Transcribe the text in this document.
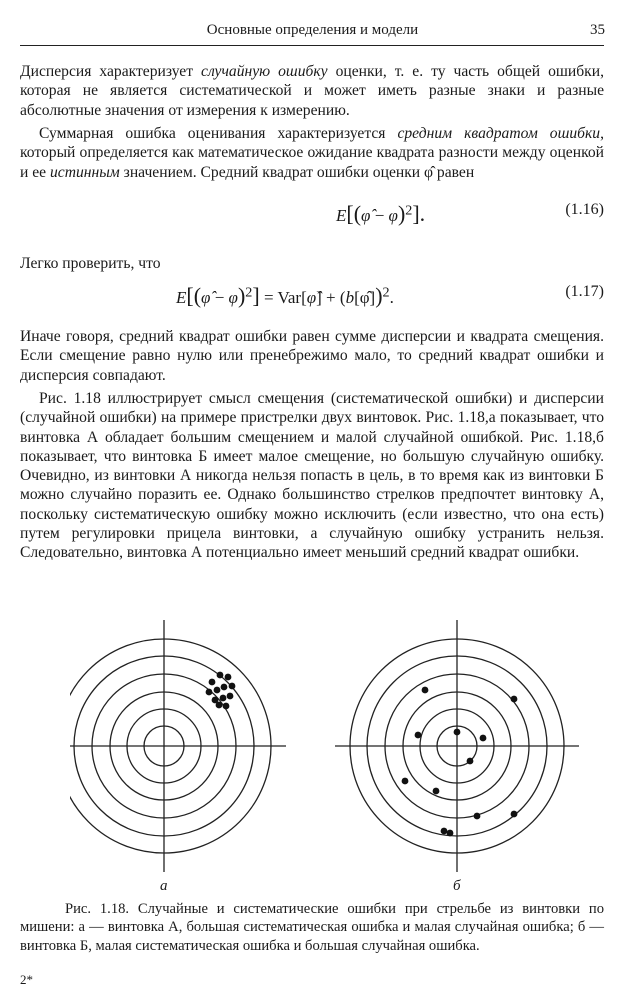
Основные определения и модели	35

Дисперсия характеризует случайную ошибку оценки, т. е. ту часть общей ошибки, которая не является систематической и может иметь разные знаки и разные абсолютные значения от измерения к измерению.

Суммарная ошибка оценивания характеризуется средним квадратом ошибки, который определяется как математическое ожидание квадрата разности между оценкой и ее истинным значением. Средний квадрат ошибки оценки φ̂ равен

E[(φ̂ − φ)$^2$].	(1.16)

Легко проверить, что

E[(φ̂ − φ)$^2$] = Var[φ̂] + (b[φ̂])$^2$.	(1.17)

Иначе говоря, средний квадрат ошибки равен сумме дисперсии и квадрата смещения. Если смещение равно нулю или пренебрежимо мало, то средний квадрат ошибки и дисперсия совпадают.

Рис. 1.18 иллюстрирует смысл смещения (систематической ошибки) и дисперсии (случайной ошибки) на примере пристрелки двух винтовок. Рис. 1.18,а показывает, что винтовка А обладает большим смещением и малой случайной ошибкой. Рис. 1.18,б показывает, что винтовка Б имеет малое смещение, но большую случайную ошибку. Очевидно, из винтовки А никогда нельзя попасть в цель, в то время как из винтовки Б можно случайно поразить ее. Однако большинство стрелков предпочтет винтовку А, поскольку систематическую ошибку можно исключить (если известно, что она есть) путем регулировки прицела винтовки, а случайную ошибку устранить нельзя. Следовательно, винтовка А потенциально имеет меньший средний квадрат ошибки.

а	б

Рис. 1.18. Случайные и систематические ошибки при стрельбе из винтовки по мишени: а — винтовка А, большая систематическая ошибка и малая случайная ошибка; б — винтовка Б, малая систематическая ошибка и большая случайная ошибка.

2*
